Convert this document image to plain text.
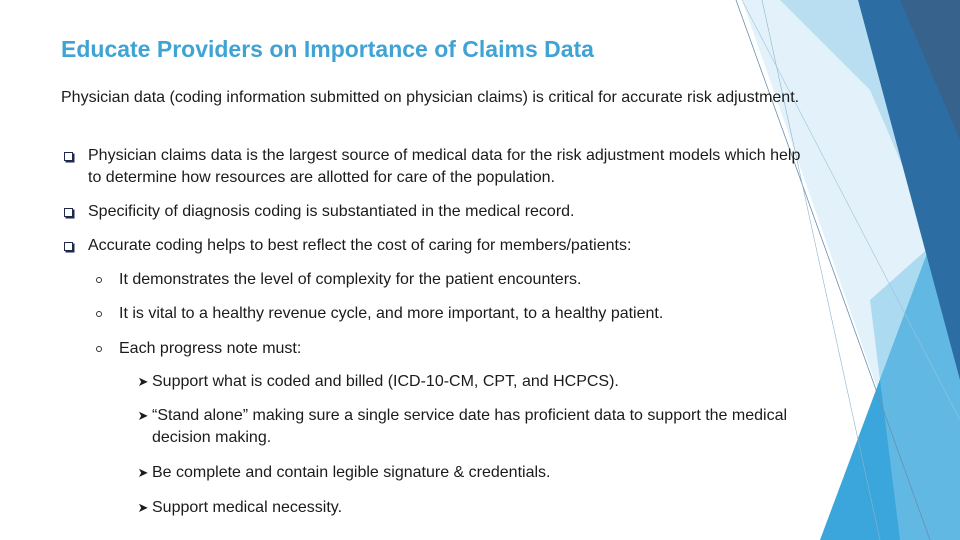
Educate Providers on Importance of Claims Data
Physician data (coding information submitted on physician claims) is critical for accurate risk adjustment.
Physician claims data is the largest source of medical data for the risk adjustment models which help to determine how resources are allotted for care of the population.
Specificity of diagnosis coding is substantiated in the medical record.
Accurate coding helps to best reflect the cost of caring for members/patients:
It demonstrates the level of complexity for the patient encounters.
It is vital to a healthy revenue cycle, and more important, to a healthy patient.
Each progress note must:
➤ Support what is coded and billed (ICD-10-CM, CPT, and HCPCS).
➤ “Stand alone” making sure a single service date has proficient data to support the medical decision making.
➤ Be complete and contain legible signature & credentials.
➤ Support medical necessity.
